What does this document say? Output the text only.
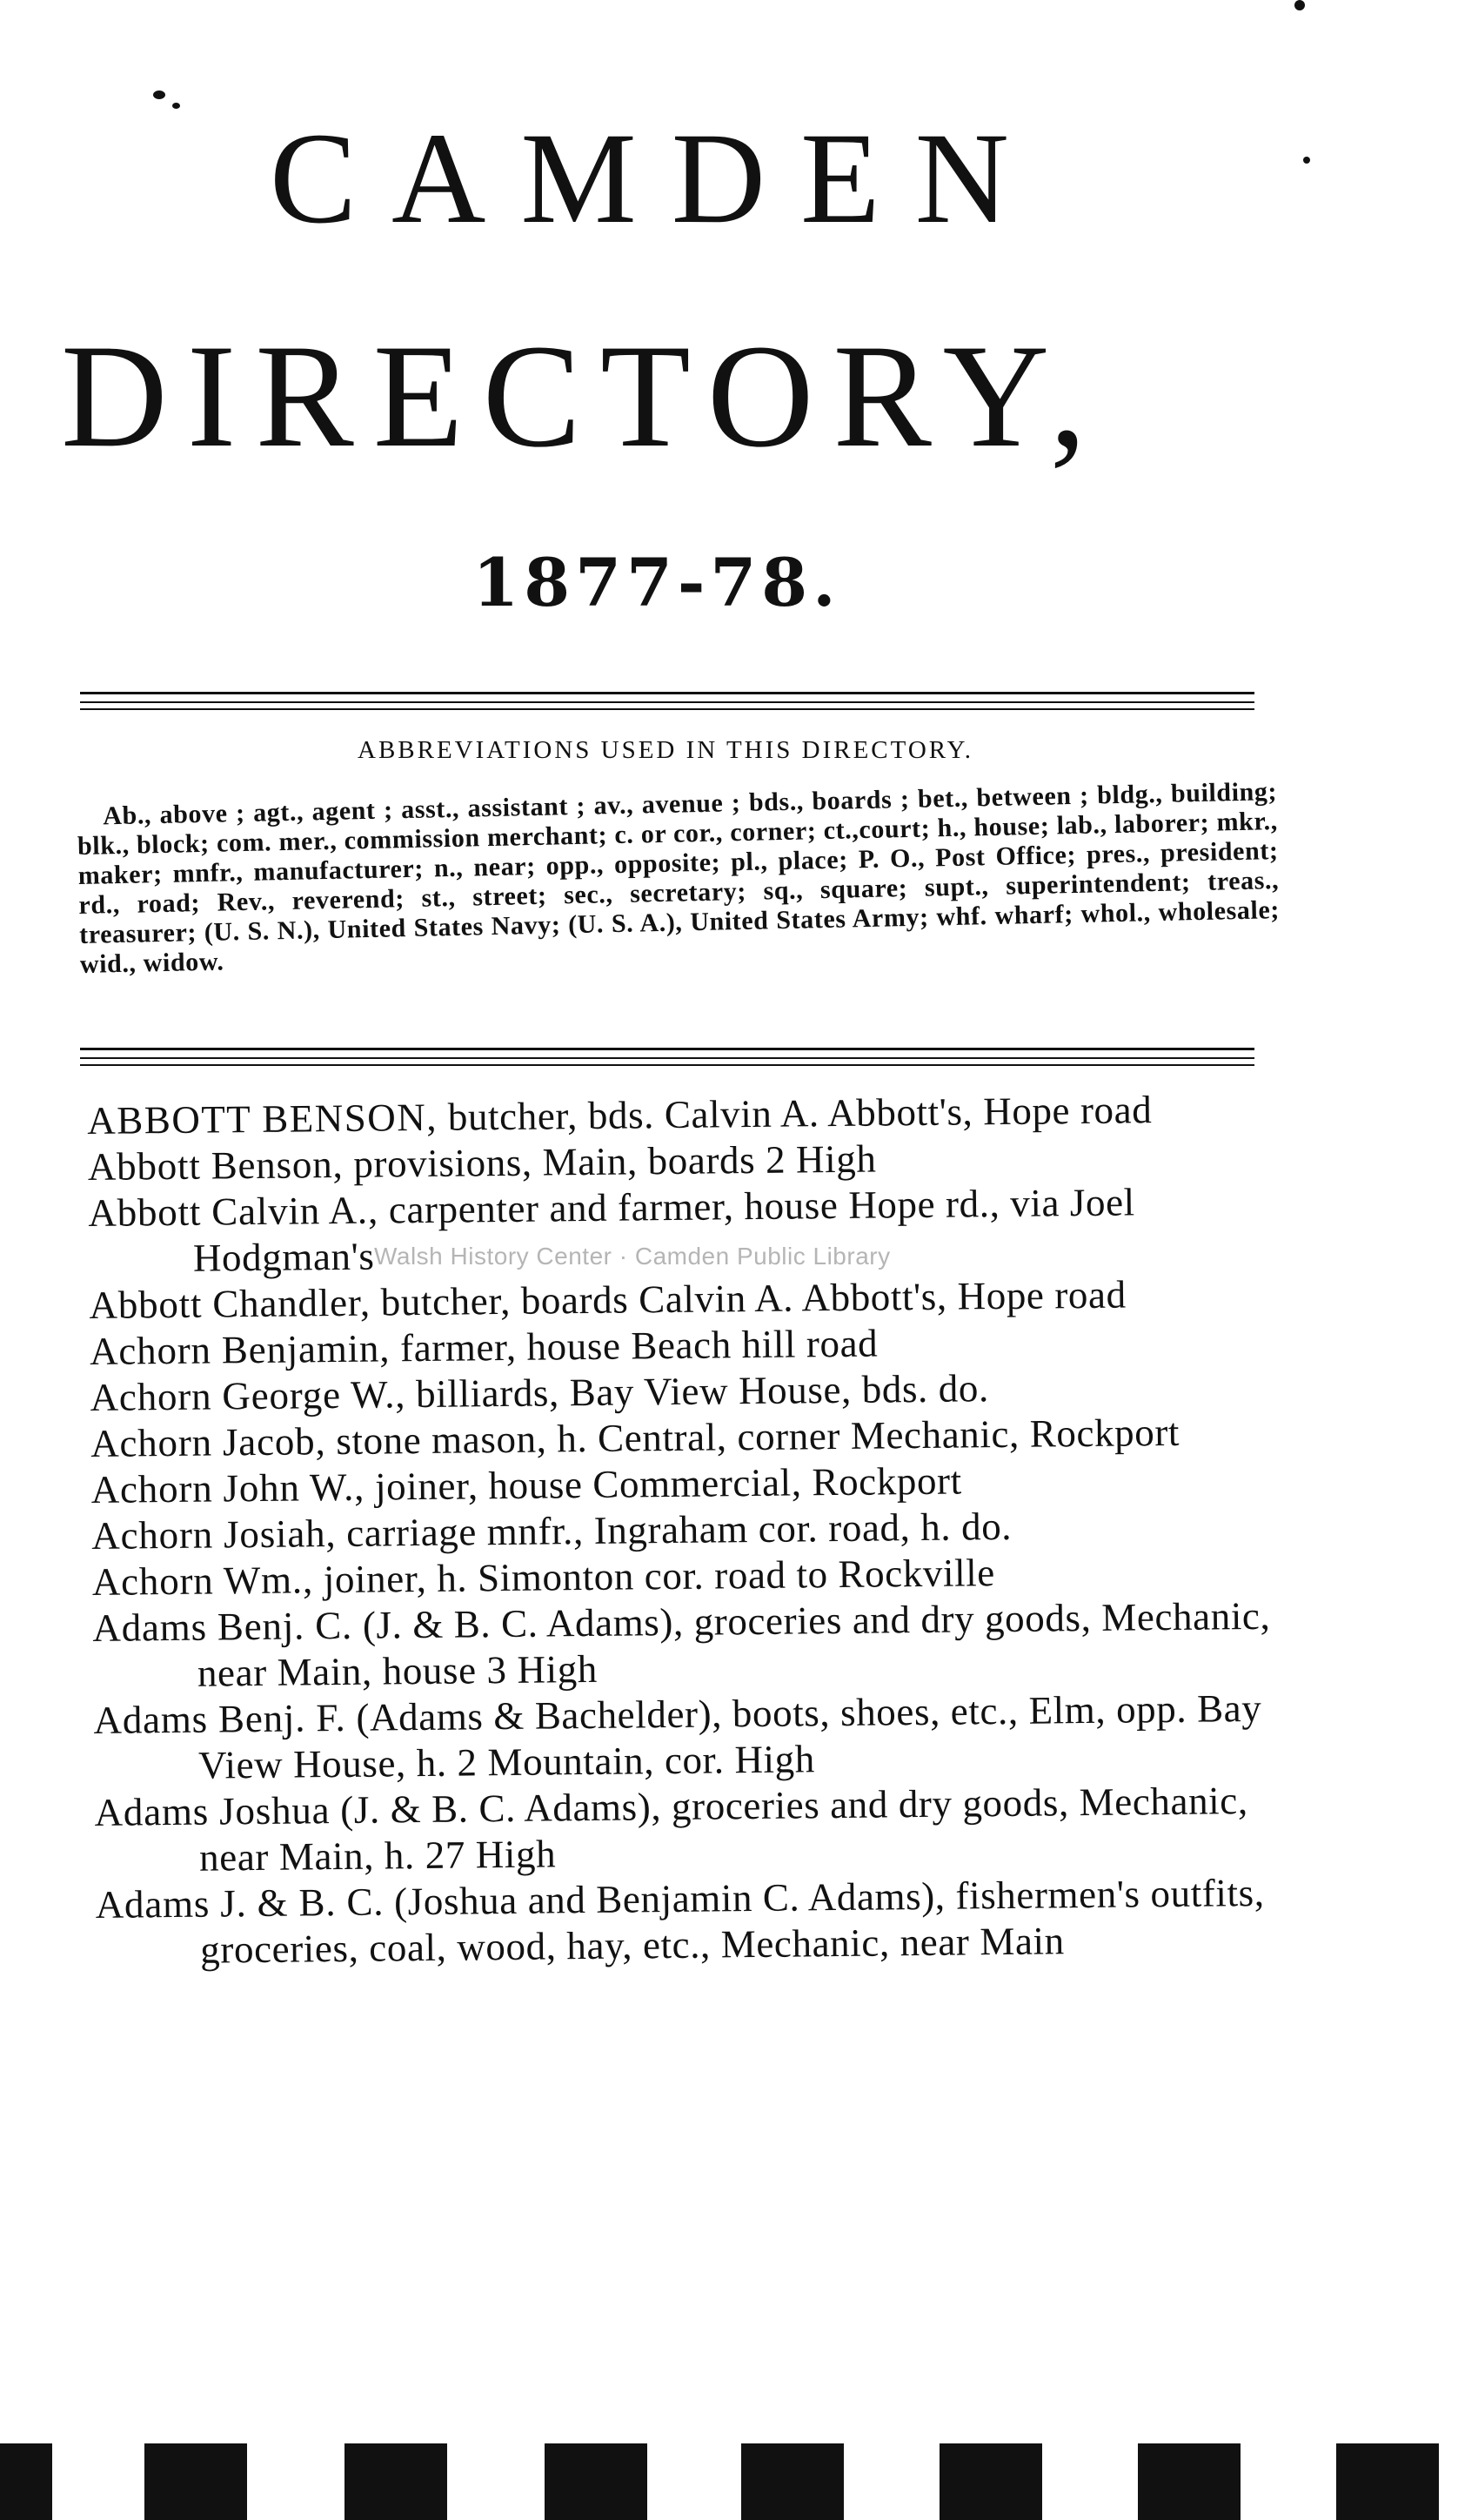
CAMDEN
DIRECTORY,
1877-78.
ABBREVIATIONS USED IN THIS DIRECTORY.
Ab., above ; agt., agent ; asst., assistant ; av., avenue ; bds., boards ; bet., between ; bldg., building; blk., block; com. mer., commission merchant; c. or cor., corner; ct.,court; h., house; lab., laborer; mkr., maker; mnfr., manufacturer; n., near; opp., opposite; pl., place; P. O., Post Office; pres., president; rd., road; Rev., reverend; st., street; sec., secretary; sq., square; supt., superintendent; treas., treasurer; (U. S. N.), United States Navy; (U. S. A.), United States Army; whf. wharf; whol., wholesale; wid., widow.
ABBOTT BENSON, butcher, bds. Calvin A. Abbott's, Hope road
Abbott Benson, provisions, Main, boards 2 High
Abbott Calvin A., carpenter and farmer, house Hope rd., via Joel Hodgman's
Abbott Chandler, butcher, boards Calvin A. Abbott's, Hope road
Achorn Benjamin, farmer, house Beach hill road
Achorn George W., billiards, Bay View House, bds. do.
Achorn Jacob, stone mason, h. Central, corner Mechanic, Rockport
Achorn John W., joiner, house Commercial, Rockport
Achorn Josiah, carriage mnfr., Ingraham cor. road, h. do.
Achorn Wm., joiner, h. Simonton cor. road to Rockville
Adams Benj. C. (J. & B. C. Adams), groceries and dry goods, Mechanic, near Main, house 3 High
Adams Benj. F. (Adams & Bachelder), boots, shoes, etc., Elm, opp. Bay View House, h. 2 Mountain, cor. High
Adams Joshua (J. & B. C. Adams), groceries and dry goods, Mechanic, near Main, h. 27 High
Adams J. & B. C. (Joshua and Benjamin C. Adams), fishermen's outfits, groceries, coal, wood, hay, etc., Mechanic, near Main
Walsh History Center · Camden Public Library
